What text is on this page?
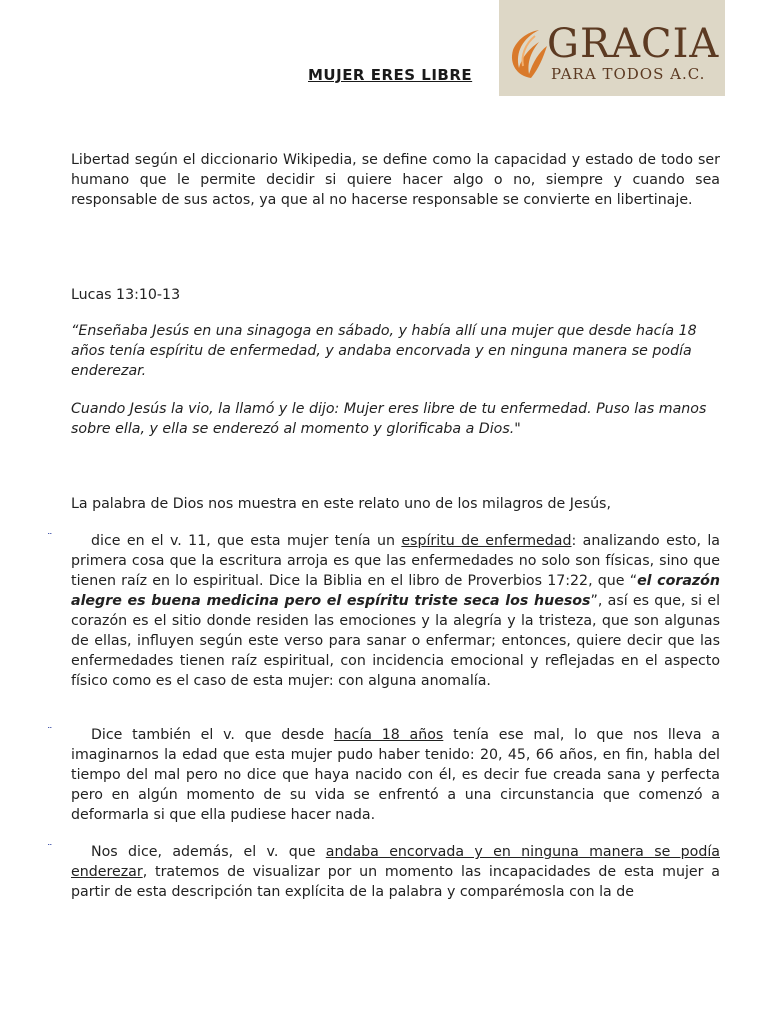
GRACIA
PARA TODOS A.C.
MUJER ERES LIBRE

Libertad según el diccionario Wikipedia, se define como la capacidad y estado de todo ser humano que le permite decidir si quiere hacer algo o no, siempre y cuando sea responsable de sus actos, ya que al no hacerse responsable se convierte en libertinaje.

Lucas 13:10-13

“Enseñaba Jesús en una sinagoga en sábado, y había allí una mujer que desde hacía 18 años tenía espíritu de enfermedad, y andaba encorvada y en ninguna manera se podía enderezar.

Cuando Jesús la vio, la llamó y le dijo: Mujer eres libre de tu enfermedad. Puso las manos sobre ella, y ella se enderezó al momento y glorificaba a Dios."

La palabra de Dios nos muestra en este relato uno de los milagros de Jesús,

dice en el v. 11, que esta mujer tenía un espíritu de enfermedad: analizando esto, la primera cosa que la escritura arroja es que las enfermedades no solo son físicas, sino que tienen raíz en lo espiritual. Dice la Biblia en el libro de Proverbios 17:22, que “el corazón alegre es buena medicina pero el espíritu triste seca los huesos”, así es que, si el corazón es el sitio donde residen las emociones y la alegría y la tristeza, que son algunas de ellas, influyen según este verso para sanar o enfermar; entonces, quiere decir que las enfermedades tienen raíz espiritual, con incidencia emocional y reflejadas en el aspecto físico como es el caso de esta mujer: con alguna anomalía.

Dice también el v. que desde hacía 18 años tenía ese mal, lo que nos lleva a imaginarnos la edad que esta mujer pudo haber tenido: 20, 45, 66 años, en fin, habla del tiempo del mal pero no dice que haya nacido con él, es decir fue creada sana y perfecta pero en algún momento de su vida se enfrentó a una circunstancia que comenzó a deformarla si que ella pudiese hacer nada.

Nos dice, además, el v. que andaba encorvada y en ninguna manera se podía enderezar, tratemos de visualizar por un momento las incapacidades de esta mujer a partir de esta descripción tan explícita de la palabra y comparémosla con la de

¨
¨
¨
